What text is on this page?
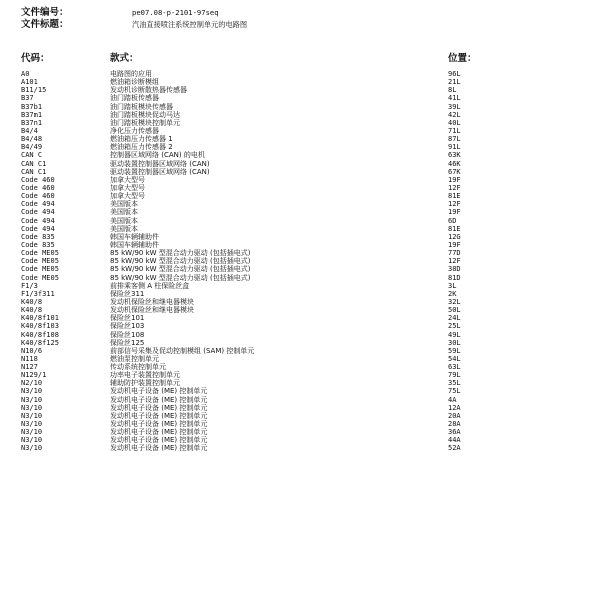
文件编号：	pe07.08-p-2101-97seq
文件标题：	汽油直接喷注系统控制单元的电路图
代码：	款式：	位置：
A0	电路图的应用	96L
A101	燃油箱诊断模组	21L
B11/15	发动机诊断散热器传感器	8L
B37	油门踏板传感器	41L
B37b1	油门踏板模块传感器	39L
B37m1	油门踏板模块促动马达	42L
B37n1	油门踏板模块控制单元	40L
B4/4	净化压力传感器	71L
B4/48	燃油箱压力传感器 1	87L
B4/49	燃油箱压力传感器 2	91L
CAN C	控制器区域网络 (CAN) 的电机	63K
CAN C1	驱动装置控制器区域网络 (CAN)	46K
CAN C1	驱动装置控制器区域网络 (CAN)	67K
Code 460	加拿大型号	19F
Code 460	加拿大型号	12F
Code 460	加拿大型号	81E
Code 494	美国版本	12F
Code 494	美国版本	19F
Code 494	美国版本	6D
Code 494	美国版本	81E
Code 835	韩国车辆辅助件	12G
Code 835	韩国车辆辅助件	19F
Code ME05	85 kW/90 kW 型混合动力驱动 (包括插电式)	77D
Code ME05	85 kW/90 kW 型混合动力驱动 (包括插电式)	12F
Code ME05	85 kW/90 kW 型混合动力驱动 (包括插电式)	38D
Code ME05	85 kW/90 kW 型混合动力驱动 (包括插电式)	81D
F1/3	前排乘客侧 A 柱保险丝盒	3L
F1/3f311	保险丝311	2K
K40/8	发动机保险丝和继电器模块	32L
K40/8	发动机保险丝和继电器模块	50L
K40/8f101	保险丝101	24L
K40/8f103	保险丝103	25L
K40/8f108	保险丝108	49L
K40/8f125	保险丝125	30L
N10/6	前部信号采集及促动控制模组 (SAM) 控制单元	59L
N118	燃油泵控制单元	54L
N127	传动系统控制单元	63L
N129/1	功率电子装置控制单元	79L
N2/10	辅助防护装置控制单元	35L
N3/10	发动机电子设备 (ME) 控制单元	75L
N3/10	发动机电子设备 (ME) 控制单元	4A
N3/10	发动机电子设备 (ME) 控制单元	12A
N3/10	发动机电子设备 (ME) 控制单元	20A
N3/10	发动机电子设备 (ME) 控制单元	28A
N3/10	发动机电子设备 (ME) 控制单元	36A
N3/10	发动机电子设备 (ME) 控制单元	44A
N3/10	发动机电子设备 (ME) 控制单元	52A
